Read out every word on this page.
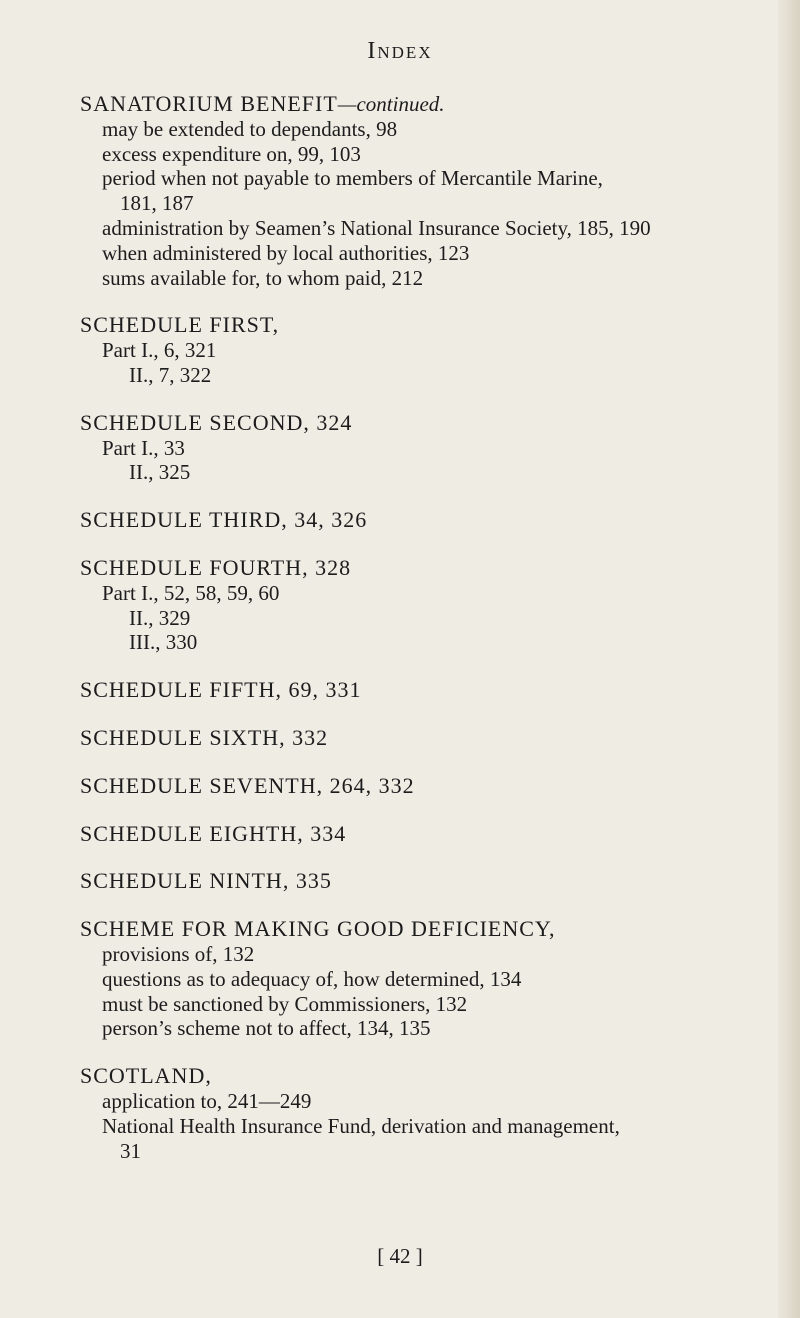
Index
SANATORIUM BENEFIT—continued.
may be extended to dependants, 98
excess expenditure on, 99, 103
period when not payable to members of Mercantile Marine,
181, 187
administration by Seamen’s National Insurance Society, 185, 190
when administered by local authorities, 123
sums available for, to whom paid, 212
SCHEDULE FIRST,
Part I., 6, 321
II., 7, 322
SCHEDULE SECOND, 324
Part I., 33
II., 325
SCHEDULE THIRD, 34, 326
SCHEDULE FOURTH, 328
Part I., 52, 58, 59, 60
II., 329
III., 330
SCHEDULE FIFTH, 69, 331
SCHEDULE SIXTH, 332
SCHEDULE SEVENTH, 264, 332
SCHEDULE EIGHTH, 334
SCHEDULE NINTH, 335
SCHEME FOR MAKING GOOD DEFICIENCY,
provisions of, 132
questions as to adequacy of, how determined, 134
must be sanctioned by Commissioners, 132
person’s scheme not to affect, 134, 135
SCOTLAND,
application to, 241—249
National Health Insurance Fund, derivation and management,
31
[ 42 ]
